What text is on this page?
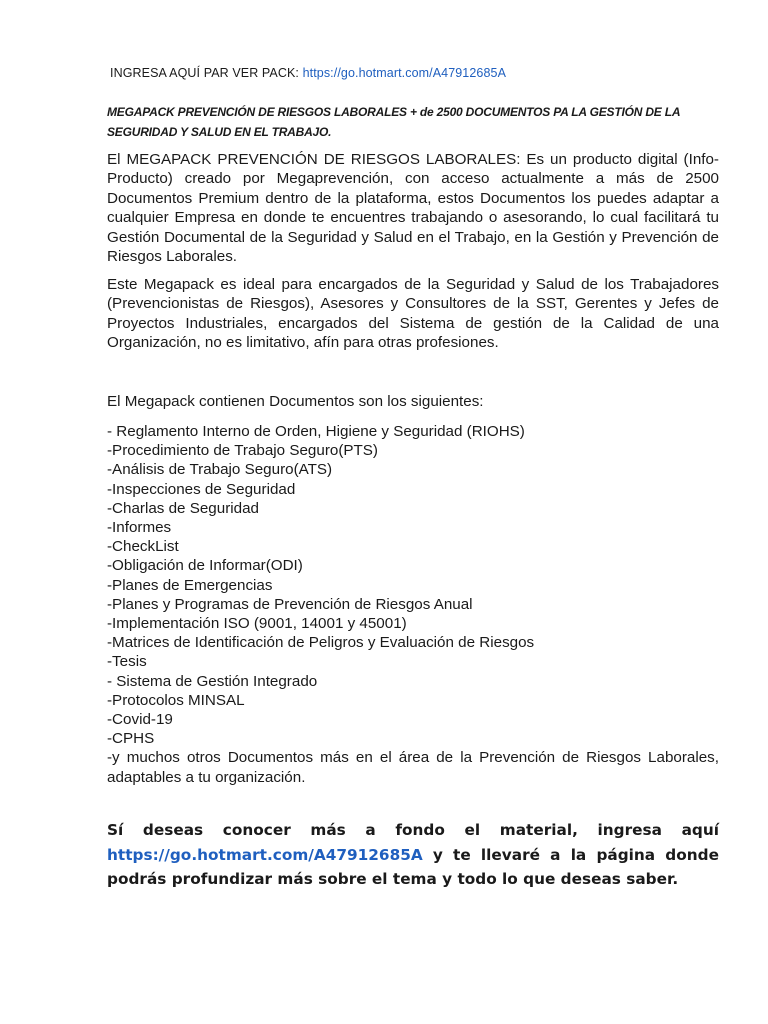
INGRESA AQUÍ PAR VER PACK: https://go.hotmart.com/A47912685A
MEGAPACK PREVENCIÓN DE RIESGOS LABORALES + de 2500 DOCUMENTOS PA LA GESTIÓN DE LA SEGURIDAD Y SALUD EN EL TRABAJO.

El MEGAPACK PREVENCIÓN DE RIESGOS LABORALES: Es un producto digital (Info-Producto) creado por Megaprevención, con acceso actualmente a más de 2500 Documentos Premium dentro de la plataforma, estos Documentos los puedes adaptar a cualquier Empresa en donde te encuentres trabajando o asesorando, lo cual facilitará tu Gestión Documental de la Seguridad y Salud en el Trabajo, en la Gestión y Prevención de Riesgos Laborales.

Este Megapack es ideal para encargados de la Seguridad y Salud de los Trabajadores (Prevencionistas de Riesgos), Asesores y Consultores de la SST, Gerentes y Jefes de Proyectos Industriales, encargados del Sistema de gestión de la Calidad de una Organización, no es limitativo, afín para otras profesiones.

El Megapack contienen Documentos son los siguientes:

- Reglamento Interno de Orden, Higiene y Seguridad (RIOHS)
-Procedimiento de Trabajo Seguro(PTS)
-Análisis de Trabajo Seguro(ATS)
-Inspecciones de Seguridad
-Charlas de Seguridad
-Informes
-CheckList
-Obligación de Informar(ODI)
-Planes de Emergencias
-Planes y Programas de Prevención de Riesgos Anual
-Implementación ISO (9001, 14001 y 45001)
-Matrices de Identificación de Peligros y Evaluación de Riesgos
-Tesis
- Sistema de Gestión Integrado
-Protocolos MINSAL
-Covid-19
-CPHS
-y muchos otros Documentos más en el área de la Prevención de Riesgos Laborales, adaptables a tu organización.

Sí deseas conocer más a fondo el material, ingresa aquí https://go.hotmart.com/A47912685A y te llevaré a la página donde podrás profundizar más sobre el tema y todo lo que deseas saber.
